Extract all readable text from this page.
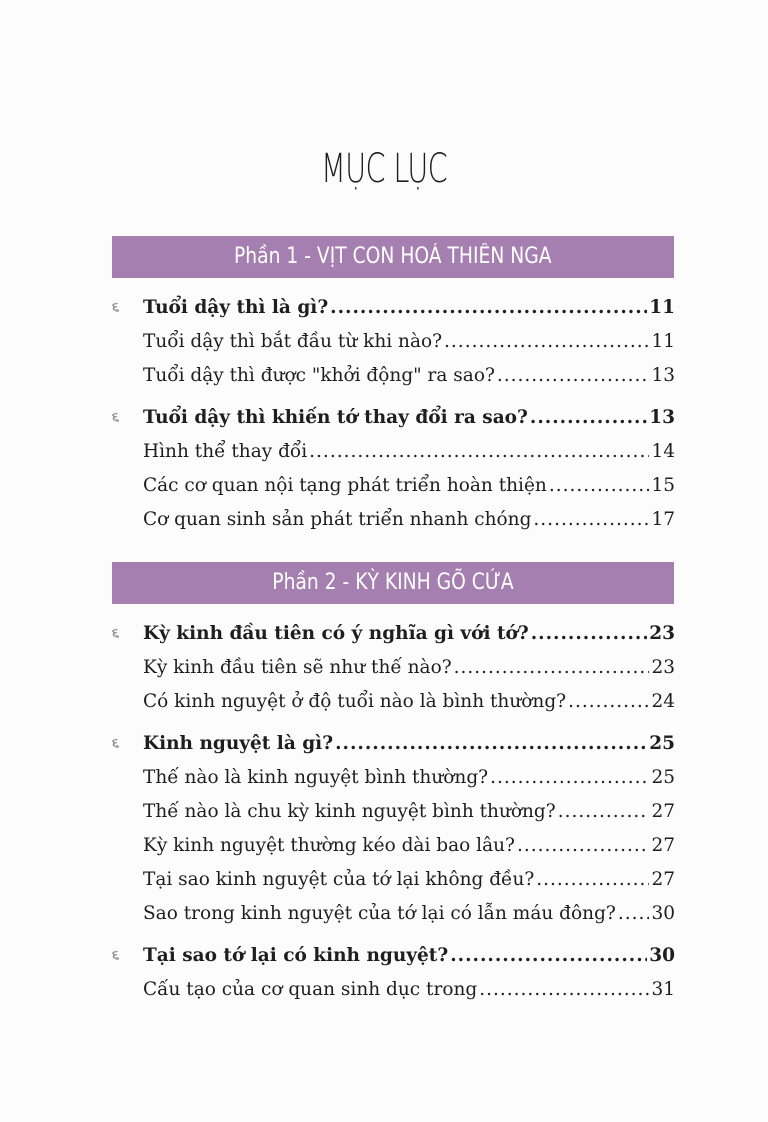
MỤC LỤC
Phần 1 - VỊT CON HOÁ THIÊN NGA
૬	Tuổi dậy thì là gì? .....	11
Tuổi dậy thì bắt đầu từ khi nào? .....	11
Tuổi dậy thì được "khởi động" ra sao? .....	13
૬	Tuổi dậy thì khiến tớ thay đổi ra sao? .....	13
Hình thể thay đổi .....	14
Các cơ quan nội tạng phát triển hoàn thiện .....	15
Cơ quan sinh sản phát triển nhanh chóng .....	17
Phần 2 - KỲ KINH GÕ CỬA
૬	Kỳ kinh đầu tiên có ý nghĩa gì với tớ? .....	23
Kỳ kinh đầu tiên sẽ như thế nào? .....	23
Có kinh nguyệt ở độ tuổi nào là bình thường? .....	24
૬	Kinh nguyệt là gì? .....	25
Thế nào là kinh nguyệt bình thường? .....	25
Thế nào là chu kỳ kinh nguyệt bình thường? .....	27
Kỳ kinh nguyệt thường kéo dài bao lâu? .....	27
Tại sao kinh nguyệt của tớ lại không đều? .....	27
Sao trong kinh nguyệt của tớ lại có lẫn máu đông? ..... 30
૬	Tại sao tớ lại có kinh nguyệt? .....	30
Cấu tạo của cơ quan sinh dục trong .....	31
